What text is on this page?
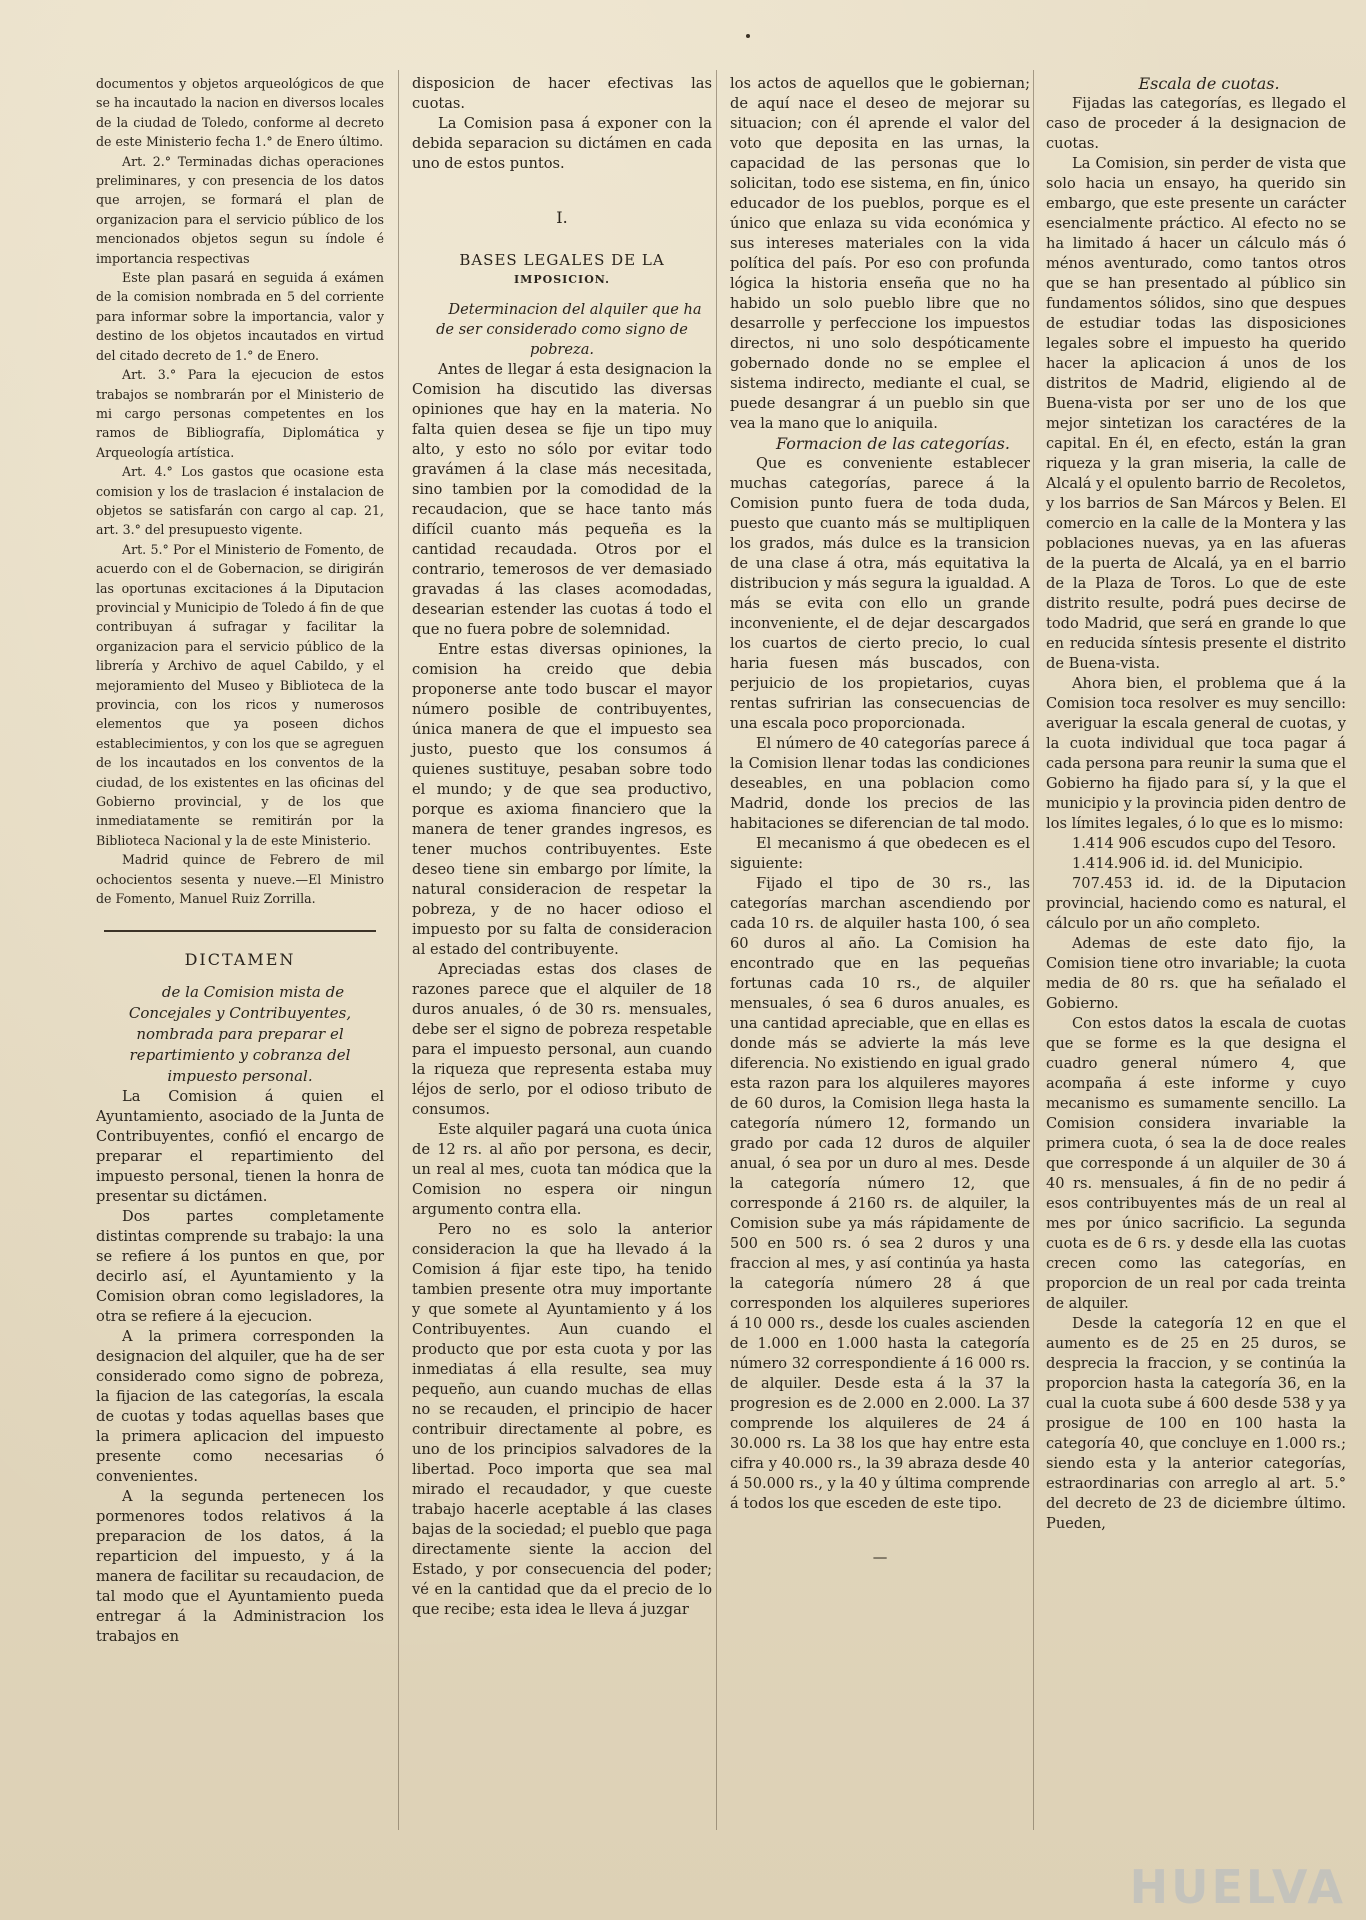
documentos y objetos arqueológicos de que se ha incautado la nacion en diversos locales de la ciudad de Toledo, conforme al decreto de este Ministerio fecha 1.° de Enero último.

Art. 2.° Terminadas dichas operaciones preliminares, y con presencia de los datos que arrojen, se formará el plan de organizacion para el servicio público de los mencionados objetos segun su índole é importancia respectivas

Este plan pasará en seguida á exámen de la comision nombrada en 5 del corriente para informar sobre la importancia, valor y destino de los objetos incautados en virtud del citado decreto de 1.° de Enero.

Art. 3.° Para la ejecucion de estos trabajos se nombrarán por el Ministerio de mi cargo personas competentes en los ramos de Bibliografía, Diplomática y Arqueología artística.

Art. 4.° Los gastos que ocasione esta comision y los de traslacion é instalacion de objetos se satisfarán con cargo al cap. 21, art. 3.° del presupuesto vigente.

Art. 5.° Por el Ministerio de Fomento, de acuerdo con el de Gobernacion, se dirigirán las oportunas excitaciones á la Diputacion provincial y Municipio de Toledo á fin de que contribuyan á sufragar y facilitar la organizacion para el servicio público de la librería y Archivo de aquel Cabildo, y el mejoramiento del Museo y Biblioteca de la provincia, con los ricos y numerosos elementos que ya poseen dichos establecimientos, y con los que se agreguen de los incautados en los conventos de la ciudad, de los existentes en las oficinas del Gobierno provincial, y de los que inmediatamente se remitirán por la Biblioteca Nacional y la de este Ministerio.

Madrid quince de Febrero de mil ochocientos sesenta y nueve.—El Ministro de Fomento, Manuel Ruiz Zorrilla.

DICTAMEN

de la Comision mista de Concejales y Contribuyentes, nombrada para preparar el repartimiento y cobranza del impuesto personal.

La Comision á quien el Ayuntamiento, asociado de la Junta de Contribuyentes, confió el encargo de preparar el repartimiento del impuesto personal, tienen la honra de presentar su dictámen.

Dos partes completamente distintas comprende su trabajo: la una se refiere á los puntos en que, por decirlo así, el Ayuntamiento y la Comision obran como legisladores, la otra se refiere á la ejecucion.

A la primera corresponden la designacion del alquiler, que ha de ser considerado como signo de pobreza, la fijacion de las categorías, la escala de cuotas y todas aquellas bases que la primera aplicacion del impuesto presente como necesarias ó convenientes.

A la segunda pertenecen los pormenores todos relativos á la preparacion de los datos, á la reparticion del impuesto, y á la manera de facilitar su recaudacion, de tal modo que el Ayuntamiento pueda entregar á la Administracion los trabajos en

disposicion de hacer efectivas las cuotas.

La Comision pasa á exponer con la debida separacion su dictámen en cada uno de estos puntos.

I.
BASES LEGALES DE LA
IMPOSICION.

Determinacion del alquiler que ha de ser considerado como signo de pobreza.

Antes de llegar á esta designacion la Comision ha discutido las diversas opiniones que hay en la materia. No falta quien desea se fije un tipo muy alto, y esto no sólo por evitar todo gravámen á la clase más necesitada, sino tambien por la comodidad de la recaudacion, que se hace tanto más difícil cuanto más pequeña es la cantidad recaudada. Otros por el contrario, temerosos de ver demasiado gravadas á las clases acomodadas, desearian estender las cuotas á todo el que no fuera pobre de solemnidad.

Entre estas diversas opiniones, la comision ha creido que debia proponerse ante todo buscar el mayor número posible de contribuyentes, única manera de que el impuesto sea justo, puesto que los consumos á quienes sustituye, pesaban sobre todo el mundo; y de que sea productivo, porque es axioma financiero que la manera de tener grandes ingresos, es tener muchos contribuyentes. Este deseo tiene sin embargo por límite, la natural consideracion de respetar la pobreza, y de no hacer odioso el impuesto por su falta de consideracion al estado del contribuyente.

Apreciadas estas dos clases de razones parece que el alquiler de 18 duros anuales, ó de 30 rs. mensuales, debe ser el signo de pobreza respetable para el impuesto personal, aun cuando la riqueza que representa estaba muy léjos de serlo, por el odioso tributo de consumos.

Este alquiler pagará una cuota única de 12 rs. al año por persona, es decir, un real al mes, cuota tan módica que la Comision no espera oir ningun argumento contra ella.

Pero no es solo la anterior consideracion la que ha llevado á la Comision á fijar este tipo, ha tenido tambien presente otra muy importante y que somete al Ayuntamiento y á los Contribuyentes. Aun cuando el producto que por esta cuota y por las inmediatas á ella resulte, sea muy pequeño, aun cuando muchas de ellas no se recauden, el principio de hacer contribuir directamente al pobre, es uno de los principios salvadores de la libertad. Poco importa que sea mal mirado el recaudador, y que cueste trabajo hacerle aceptable á las clases bajas de la sociedad; el pueblo que paga directamente siente la accion del Estado, y por consecuencia del poder; vé en la cantidad que da el precio de lo que recibe; esta idea le lleva á juzgar

los actos de aquellos que le gobiernan; de aquí nace el deseo de mejorar su situacion; con él aprende el valor del voto que deposita en las urnas, la capacidad de las personas que lo solicitan, todo ese sistema, en fin, único educador de los pueblos, porque es el único que enlaza su vida económica y sus intereses materiales con la vida política del país. Por eso con profunda lógica la historia enseña que no ha habido un solo pueblo libre que no desarrolle y perfeccione los impuestos directos, ni uno solo despóticamente gobernado donde no se emplee el sistema indirecto, mediante el cual, se puede desangrar á un pueblo sin que vea la mano que lo aniquila.

Formacion de las categorías.

Que es conveniente establecer muchas categorías, parece á la Comision punto fuera de toda duda, puesto que cuanto más se multipliquen los grados, más dulce es la transicion de una clase á otra, más equitativa la distribucion y más segura la igualdad. A más se evita con ello un grande inconveniente, el de dejar descargados los cuartos de cierto precio, lo cual haria fuesen más buscados, con perjuicio de los propietarios, cuyas rentas sufririan las consecuencias de una escala poco proporcionada.

El número de 40 categorías parece á la Comision llenar todas las condiciones deseables, en una poblacion como Madrid, donde los precios de las habitaciones se diferencian de tal modo.

El mecanismo á que obedecen es el siguiente:

Fijado el tipo de 30 rs., las categorías marchan ascendiendo por cada 10 rs. de alquiler hasta 100, ó sea 60 duros al año. La Comision ha encontrado que en las pequeñas fortunas cada 10 rs., de alquiler mensuales, ó sea 6 duros anuales, es una cantidad apreciable, que en ellas es donde más se advierte la más leve diferencia. No existiendo en igual grado esta razon para los alquileres mayores de 60 duros, la Comision llega hasta la categoría número 12, formando un grado por cada 12 duros de alquiler anual, ó sea por un duro al mes. Desde la categoría número 12, que corresponde á 2160 rs. de alquiler, la Comision sube ya más rápidamente de 500 en 500 rs. ó sea 2 duros y una fraccion al mes, y así continúa ya hasta la categoría número 28 á que corresponden los alquileres superiores á 10 000 rs., desde los cuales ascienden de 1.000 en 1.000 hasta la categoría número 32 correspondiente á 16 000 rs. de alquiler. Desde esta á la 37 la progresion es de 2.000 en 2.000. La 37 comprende los alquileres de 24 á 30.000 rs. La 38 los que hay entre esta cifra y 40.000 rs., la 39 abraza desde 40 á 50.000 rs., y la 40 y última comprende á todos los que esceden de este tipo.

—

Escala de cuotas.

Fijadas las categorías, es llegado el caso de proceder á la designacion de cuotas.

La Comision, sin perder de vista que solo hacia un ensayo, ha querido sin embargo, que este presente un carácter esencialmente práctico. Al efecto no se ha limitado á hacer un cálculo más ó ménos aventurado, como tantos otros que se han presentado al público sin fundamentos sólidos, sino que despues de estudiar todas las disposiciones legales sobre el impuesto ha querido hacer la aplicacion á unos de los distritos de Madrid, eligiendo al de Buena-vista por ser uno de los que mejor sintetizan los caractéres de la capital. En él, en efecto, están la gran riqueza y la gran miseria, la calle de Alcalá y el opulento barrio de Recoletos, y los barrios de San Márcos y Belen. El comercio en la calle de la Montera y las poblaciones nuevas, ya en las afueras de la puerta de Alcalá, ya en el barrio de la Plaza de Toros. Lo que de este distrito resulte, podrá pues decirse de todo Madrid, que será en grande lo que en reducida síntesis presente el distrito de Buena-vista.

Ahora bien, el problema que á la Comision toca resolver es muy sencillo: averiguar la escala general de cuotas, y la cuota individual que toca pagar á cada persona para reunir la suma que el Gobierno ha fijado para sí, y la que el municipio y la provincia piden dentro de los límites legales, ó lo que es lo mismo:

1.414 906 escudos cupo del Tesoro.

1.414.906 id. id. del Municipio.

707.453 id. id. de la Diputacion provincial, haciendo como es natural, el cálculo por un año completo.

Ademas de este dato fijo, la Comision tiene otro invariable; la cuota media de 80 rs. que ha señalado el Gobierno.

Con estos datos la escala de cuotas que se forme es la que designa el cuadro general número 4, que acompaña á este informe y cuyo mecanismo es sumamente sencillo. La Comision considera invariable la primera cuota, ó sea la de doce reales que corresponde á un alquiler de 30 á 40 rs. mensuales, á fin de no pedir á esos contribuyentes más de un real al mes por único sacrificio. La segunda cuota es de 6 rs. y desde ella las cuotas crecen como las categorías, en proporcion de un real por cada treinta de alquiler.

Desde la categoría 12 en que el aumento es de 25 en 25 duros, se desprecia la fraccion, y se continúa la proporcion hasta la categoría 36, en la cual la cuota sube á 600 desde 538 y ya prosigue de 100 en 100 hasta la categoría 40, que concluye en 1.000 rs.; siendo esta y la anterior categorías, estraordinarias con arreglo al art. 5.° del decreto de 23 de diciembre último. Pueden,

HUELVA
